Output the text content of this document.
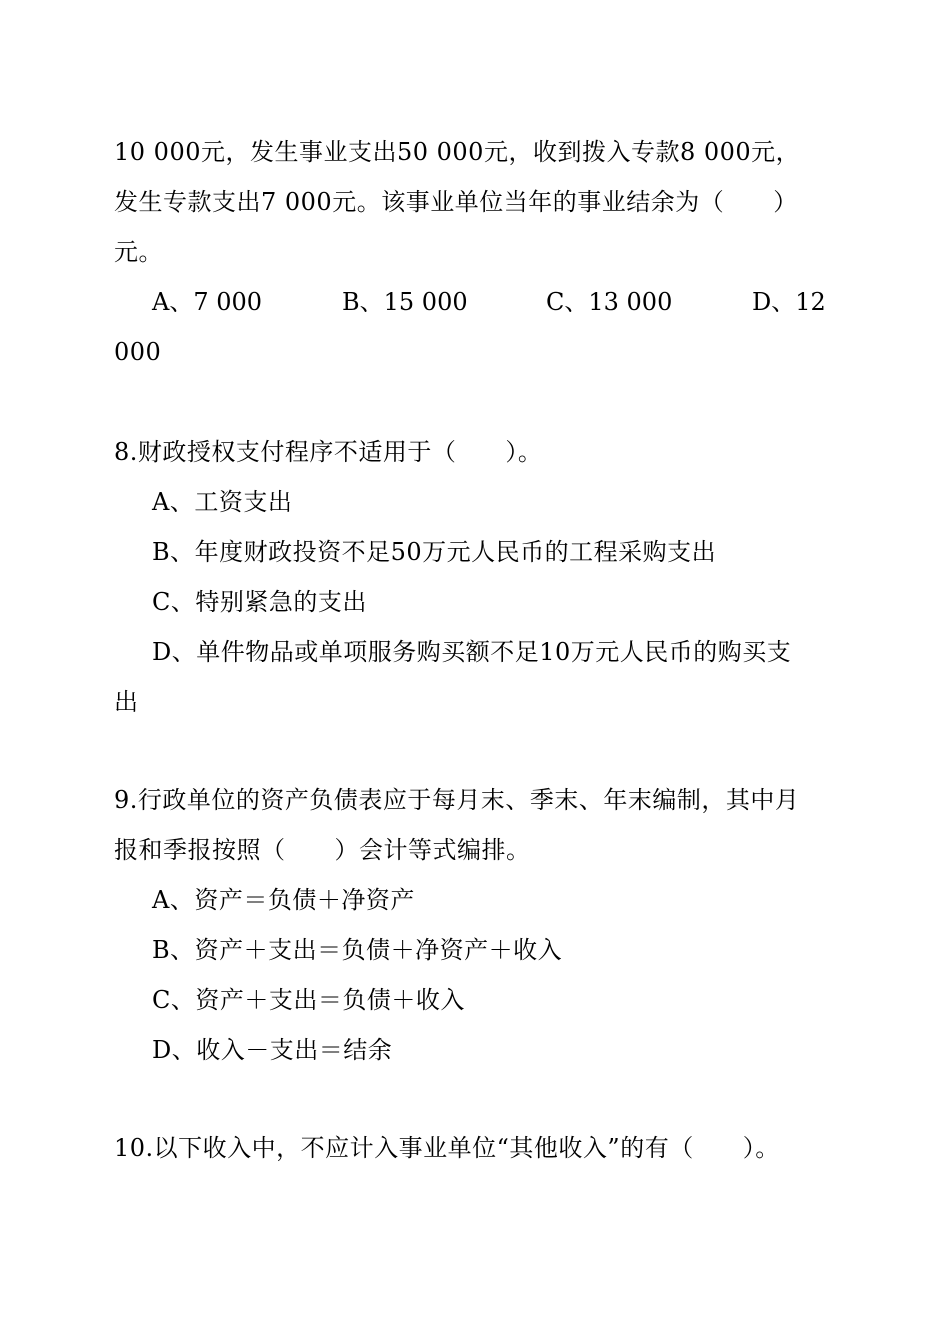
10 000元，发生事业支出50 000元，收到拨入专款8 000元，
发生专款支出7 000元。该事业单位当年的事业结余为（　　）
元。

A、7 000

	B、15 000

	C、13 000

	D、12

000
8.财政授权支付程序不适用于（　　）。
A、工资支出
B、年度财政投资不足50万元人民币的工程采购支出
C、特别紧急的支出
D、单件物品或单项服务购买额不足10万元人民币的购买支
出
9.行政单位的资产负债表应于每月末、季末、年末编制，其中月
报和季报按照（　　）会计等式编排。
A、资产＝负债＋净资产
B、资产＋支出＝负债＋净资产＋收入
C、资产＋支出＝负债＋收入
D、收入－支出＝结余
10.以下收入中，不应计入事业单位“其他收入”的有（　　）。
